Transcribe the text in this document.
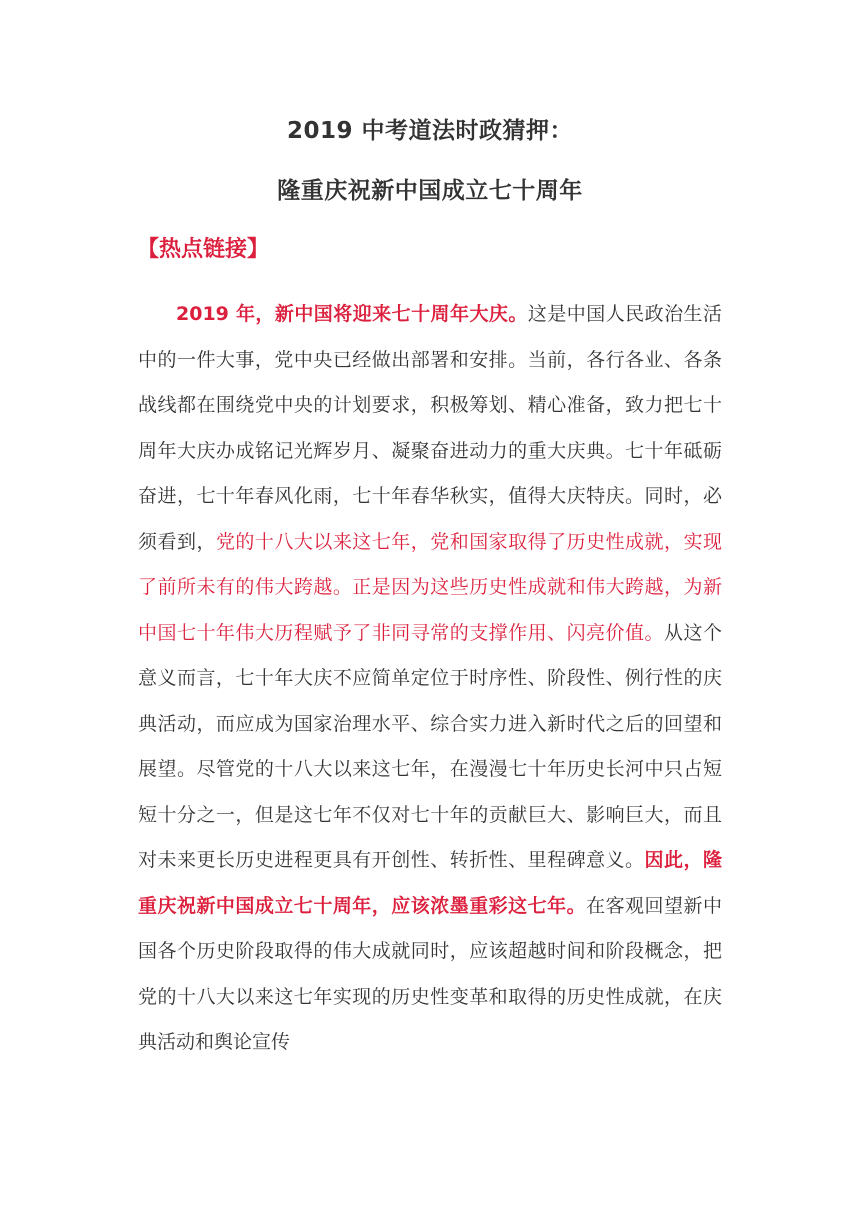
2019 中考道法时政猜押：
隆重庆祝新中国成立七十周年
【热点链接】

2019 年，新中国将迎来七十周年大庆。这是中国人民政治生活中的一件大事，党中央已经做出部署和安排。当前，各行各业、各条战线都在围绕党中央的计划要求，积极筹划、精心准备，致力把七十周年大庆办成铭记光辉岁月、凝聚奋进动力的重大庆典。七十年砥砺奋进，七十年春风化雨，七十年春华秋实，值得大庆特庆。同时，必须看到，党的十八大以来这七年，党和国家取得了历史性成就，实现了前所未有的伟大跨越。正是因为这些历史性成就和伟大跨越，为新中国七十年伟大历程赋予了非同寻常的支撑作用、闪亮价值。从这个意义而言，七十年大庆不应简单定位于时序性、阶段性、例行性的庆典活动，而应成为国家治理水平、综合实力进入新时代之后的回望和展望。尽管党的十八大以来这七年，在漫漫七十年历史长河中只占短短十分之一，但是这七年不仅对七十年的贡献巨大、影响巨大，而且对未来更长历史进程更具有开创性、转折性、里程碑意义。因此，隆重庆祝新中国成立七十周年，应该浓墨重彩这七年。在客观回望新中国各个历史阶段取得的伟大成就同时，应该超越时间和阶段概念，把党的十八大以来这七年实现的历史性变革和取得的历史性成就，在庆典活动和舆论宣传
